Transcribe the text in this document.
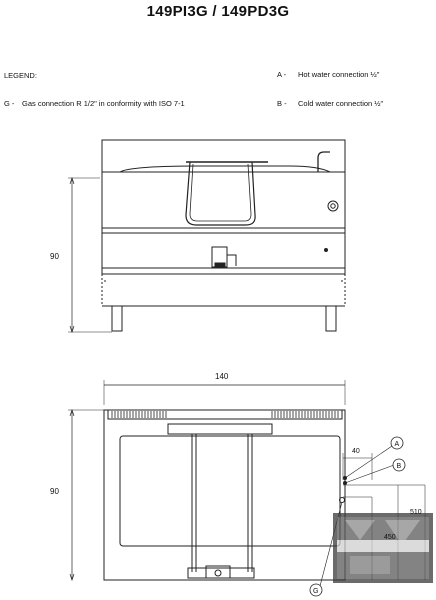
149PI3G / 149PD3G
LEGEND:	A - Hot water connection ½"
G - Gas connection R 1/2" in conformity with ISO 7-1	B - Cold water connection ½"
90
140
90
40
510
450
A
B
G
